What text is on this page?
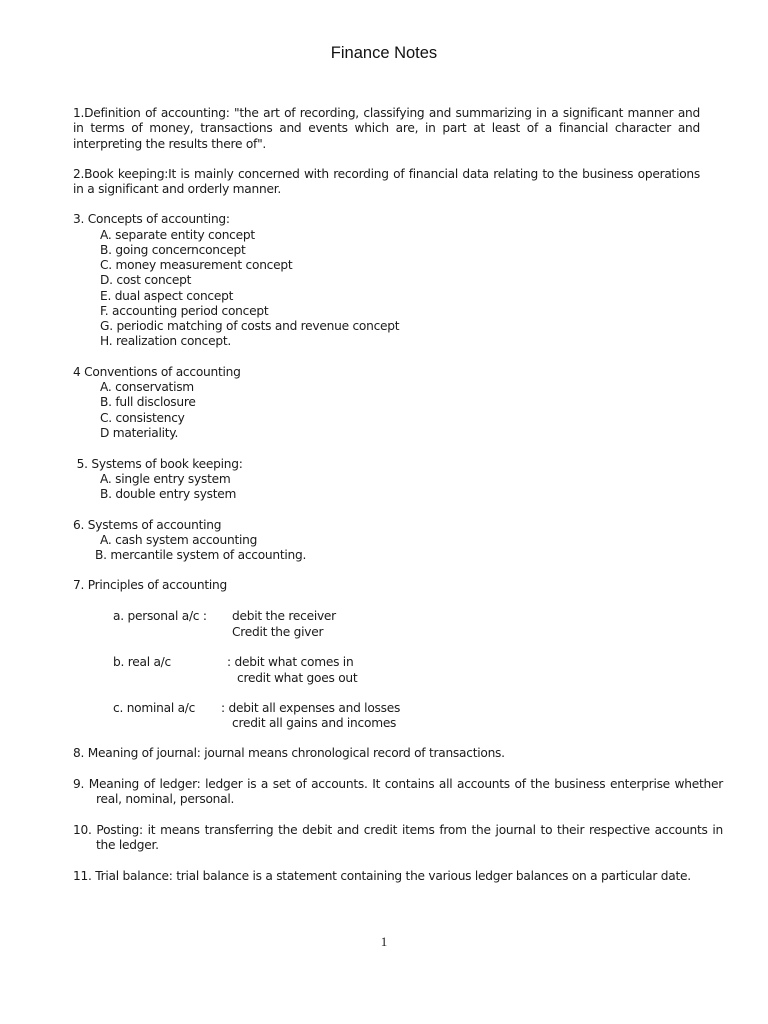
Finance Notes
1.Definition of accounting: "the art of recording, classifying and summarizing in a significant manner and in terms of money, transactions and events which are, in part at least of a financial character and interpreting the results there of".
2.Book keeping:It is mainly concerned with recording of financial data relating to the business operations in a significant and orderly manner.
3. Concepts of accounting:
A. separate entity concept
B. going concernconcept
C. money measurement concept
D. cost concept
E. dual aspect concept
F. accounting period concept
G. periodic matching of costs and revenue concept
H. realization concept.
4 Conventions of accounting
A. conservatism
B. full disclosure
C. consistency
D materiality.
5. Systems of book keeping:
A. single entry system
B. double entry system
6. Systems of accounting
A. cash system accounting
B. mercantile system of accounting.
7. Principles of accounting
a. personal a/c : debit the receiver
Credit the giver
b. real a/c	: debit what comes in
credit what goes out
c. nominal a/c : debit all expenses and losses
credit all gains and incomes
8. Meaning of journal: journal means chronological record of transactions.
9. Meaning of ledger: ledger is a set of accounts. It contains all accounts of the business enterprise whether real, nominal, personal.
10. Posting: it means transferring the debit and credit items from the journal to their respective accounts in the ledger.
11. Trial balance: trial balance is a statement containing the various ledger balances on a particular date.
1
